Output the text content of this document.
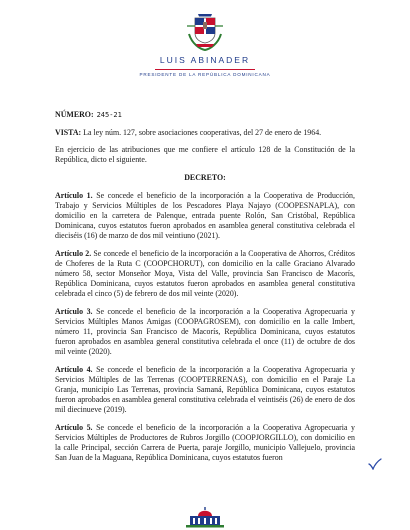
LUIS ABINADER
PRESIDENTE DE LA REPÚBLICA DOMINICANA

NÚMERO: 245-21

VISTA: La ley núm. 127, sobre asociaciones cooperativas, del 27 de enero de 1964.

En ejercicio de las atribuciones que me confiere el artículo 128 de la Constitución de la República, dicto el siguiente.

DECRETO:

Artículo 1. Se concede el beneficio de la incorporación a la Cooperativa de Producción, Trabajo y Servicios Múltiples de los Pescadores Playa Najayo (COOPESNAPLA), con domicilio en la carretera de Palenque, entrada puente Rolón, San Cristóbal, República Dominicana, cuyos estatutos fueron aprobados en asamblea general constitutiva celebrada el dieciséis (16) de marzo de dos mil veintiuno (2021).

Artículo 2. Se concede el beneficio de la incorporación a la Cooperativa de Ahorros, Créditos de Choferes de la Ruta C (COOPCHORUT), con domicilio en la calle Graciano Alvarado número 58, sector Monseñor Moya, Vista del Valle, provincia San Francisco de Macorís, República Dominicana, cuyos estatutos fueron aprobados en asamblea general constitutiva celebrada el cinco (5) de febrero de dos mil veinte (2020).

Artículo 3. Se concede el beneficio de la incorporación a la Cooperativa Agropecuaria y Servicios Múltiples Manos Amigas (COOPAGROSEM), con domicilio en la calle Imbert, número 11, provincia San Francisco de Macorís, República Dominicana, cuyos estatutos fueron aprobados en asamblea general constitutiva celebrada el once (11) de octubre de dos mil veinte (2020).

Artículo 4. Se concede el beneficio de la incorporación a la Cooperativa Agropecuaria y Servicios Múltiples de las Terrenas (COOPTERRENAS), con domicilio en el Paraje La Granja, municipio Las Terrenas, provincia Samaná, República Dominicana, cuyos estatutos fueron aprobados en asamblea general constitutiva celebrada el veintiséis (26) de enero de dos mil diecinueve (2019).

Artículo 5. Se concede el beneficio de la incorporación a la Cooperativa Agropecuaria y Servicios Múltiples de Productores de Rubros Jorgillo (COOPJORGILLO), con domicilio en la calle Principal, sección Carrera de Puerta, paraje Jorgillo, municipio Vallejuelo, provincia San Juan de la Maguana, República Dominicana, cuyos estatutos fueron
